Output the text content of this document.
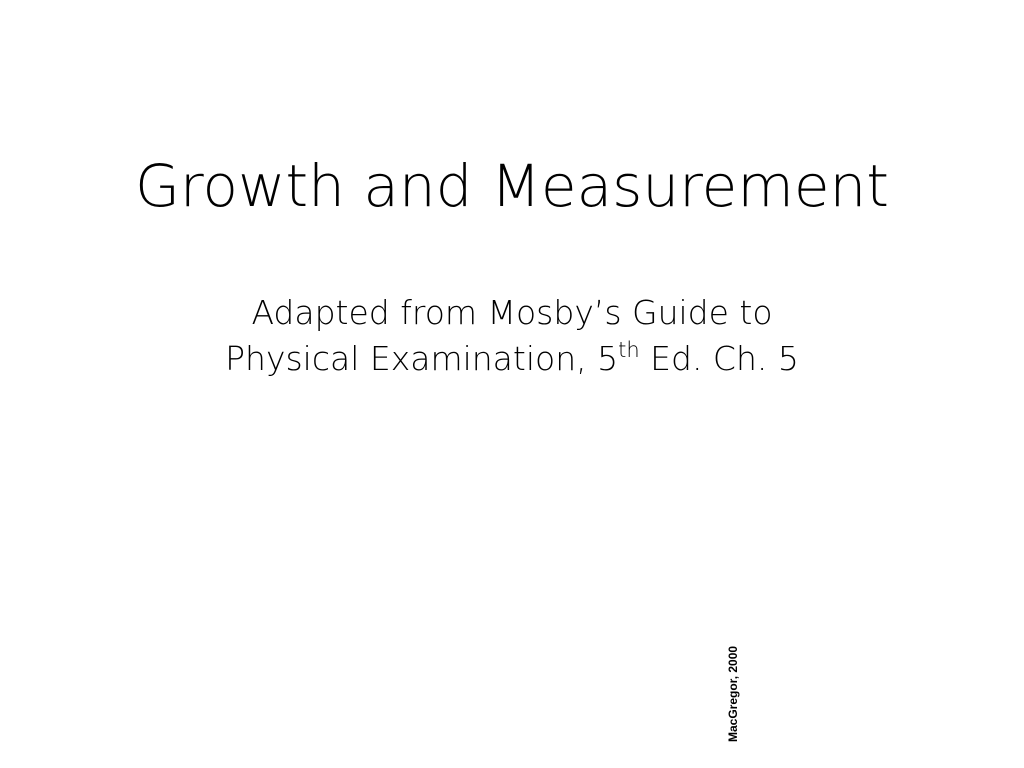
Growth and Measurement
Adapted from Mosby’s Guide to
Physical Examination, 5th Ed. Ch. 5
MacGregor, 2000
